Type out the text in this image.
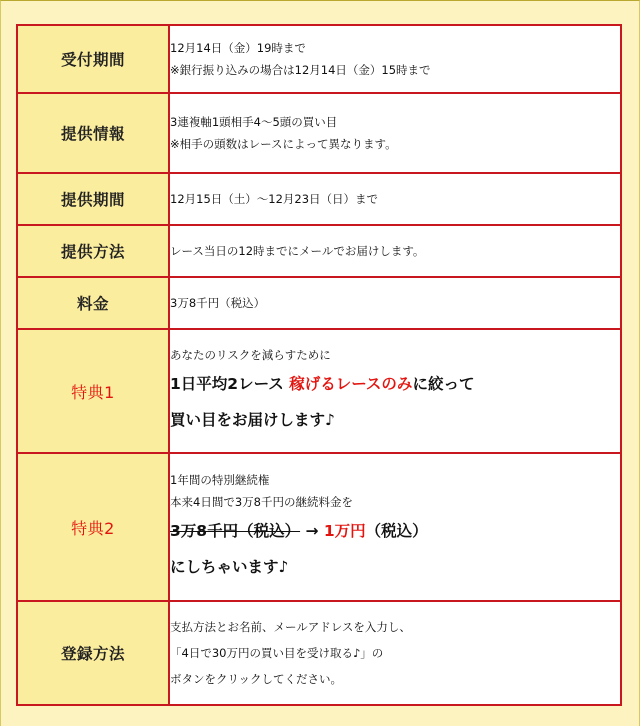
受付期間	12月14日（金）19時まで
※銀行振り込みの場合は12月14日（金）15時まで

提供情報	3連複軸1頭相手4〜5頭の買い目
※相手の頭数はレースによって異なります。

提供期間	12月15日（土）〜12月23日（日）まで

提供方法	レース当日の12時までにメールでお届けします。

料金	3万8千円（税込）

特典1	あなたのリスクを減らすために
1日平均2レース 稼げるレースのみに絞って
買い目をお届けします♪

特典2	1年間の特別継続権
本来4日間で3万8千円の継続料金を
3万8千円（税込） → 1万円（税込）
にしちゃいます♪

登録方法	支払方法とお名前、メールアドレスを入力し、
「4日で30万円の買い目を受け取る♪」の
ボタンをクリックしてください。
